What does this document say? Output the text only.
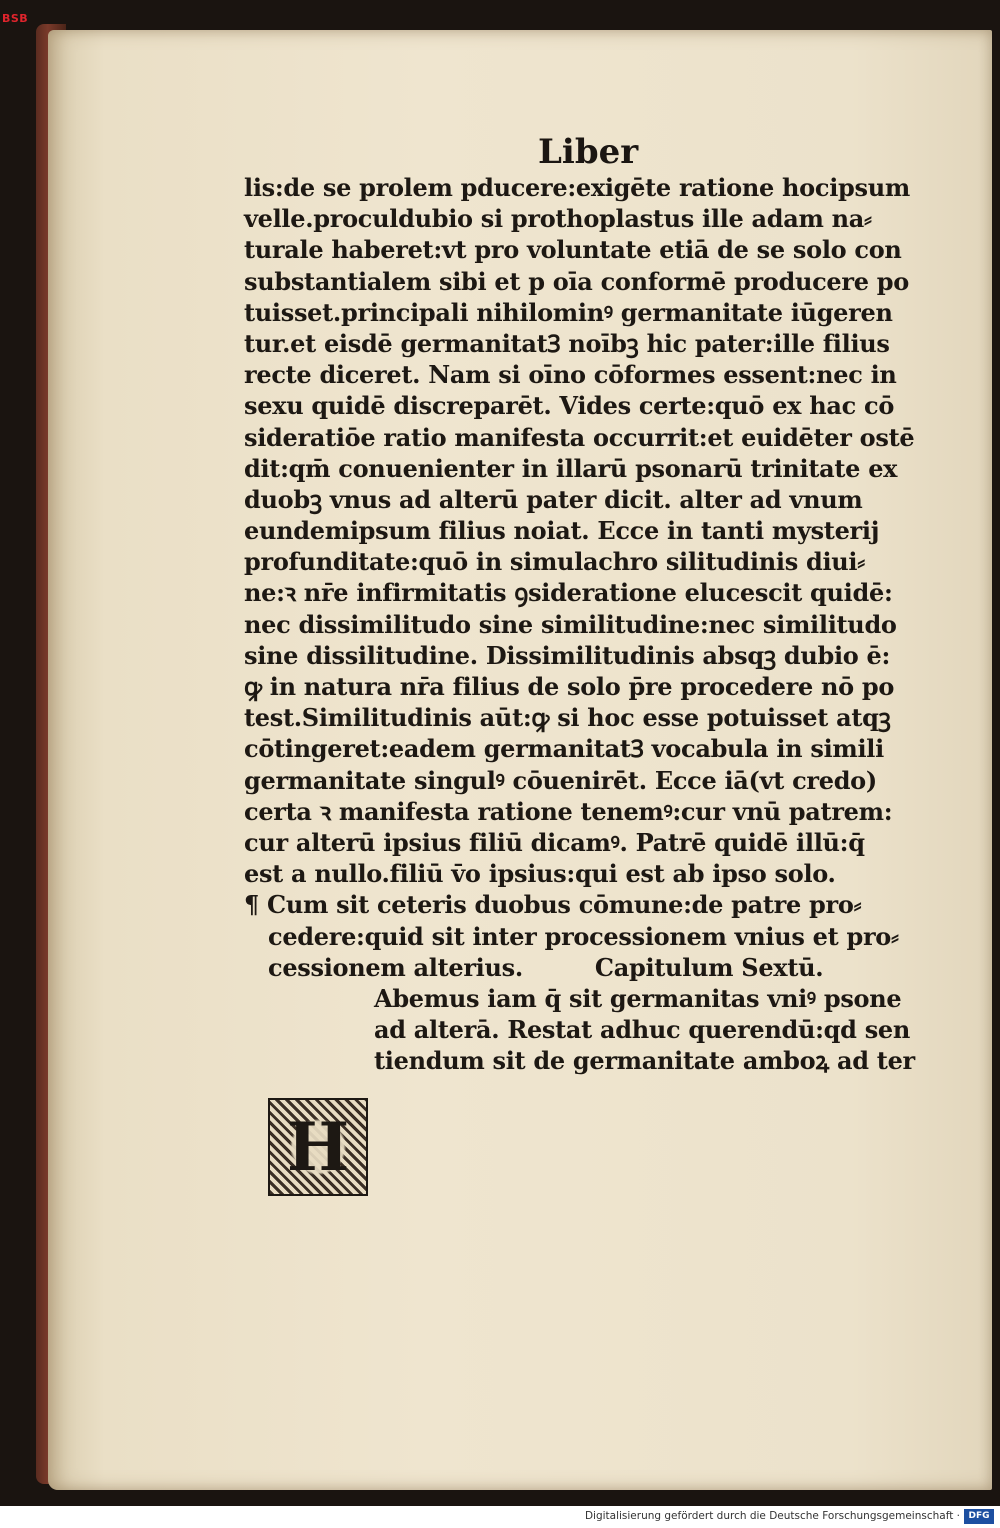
BSB
Liber
lis:de se prolem pducere:exigēte ratione hocipsum
velle.proculdubio si prothoplastus ille adam na⸗
turale haberet:vt pro voluntate etiā de se solo con
substantialem sibi et p oīa conformē producere po
tuisset.principali nihilominꝰ germanitate iūgeren
tur.et eisdē germanitatꝪ noībꝫ hic pater:ille filius
recte diceret. Nam si oīno cōformes essent:nec in
sexu quidē discreparēt. Vides certe:quō ex hac cō
sideratiōe ratio manifesta occurrit:et euidēter ostē
dit:qm̄ conuenienter in illarū psonarū trinitate ex
duobꝫ vnus ad alterū pater dicit. alter ad vnum
eundemipsum filius noiat. Ecce in tanti mysterij
profunditate:quō in simulachro silitudinis diui⸗
ne:ꝛ nr̄e infirmitatis ꝯsideratione elucescit quidē:
nec dissimilitudo sine similitudine:nec similitudo
sine dissilitudine. Dissimilitudinis absqꝫ dubio ē:
ꝙ in natura nr̄a filius de solo p̄re procedere nō po
test.Similitudinis aūt:ꝙ si hoc esse potuisset atqꝫ
cōtingeret:eadem germanitatꝪ vocabula in simili
germanitate singulꝰ cōuenirēt. Ecce iā(vt credo)
certa ꝛ manifesta ratione tenemꝰ:cur vnū patrem:
cur alterū ipsius filiū dicamꝰ. Patrē quidē illū:q̄
est a nullo.filiū v̄o ipsius:qui est ab ipso solo.
¶ Cum sit ceteris duobus cōmune:de patre pro⸗
cedere:quid sit inter processionem vnius et pro⸗
cessionem alterius.	Capitulum Sextū.
Abemus iam q̄ sit germanitas vniꝰ psone
ad alterā. Restat adhuc querendū:qd sen
tiendum sit de germanitate amboꝝ ad ter
H
Digitalisierung gefördert durch die Deutsche Forschungsgemeinschaft · DFG
